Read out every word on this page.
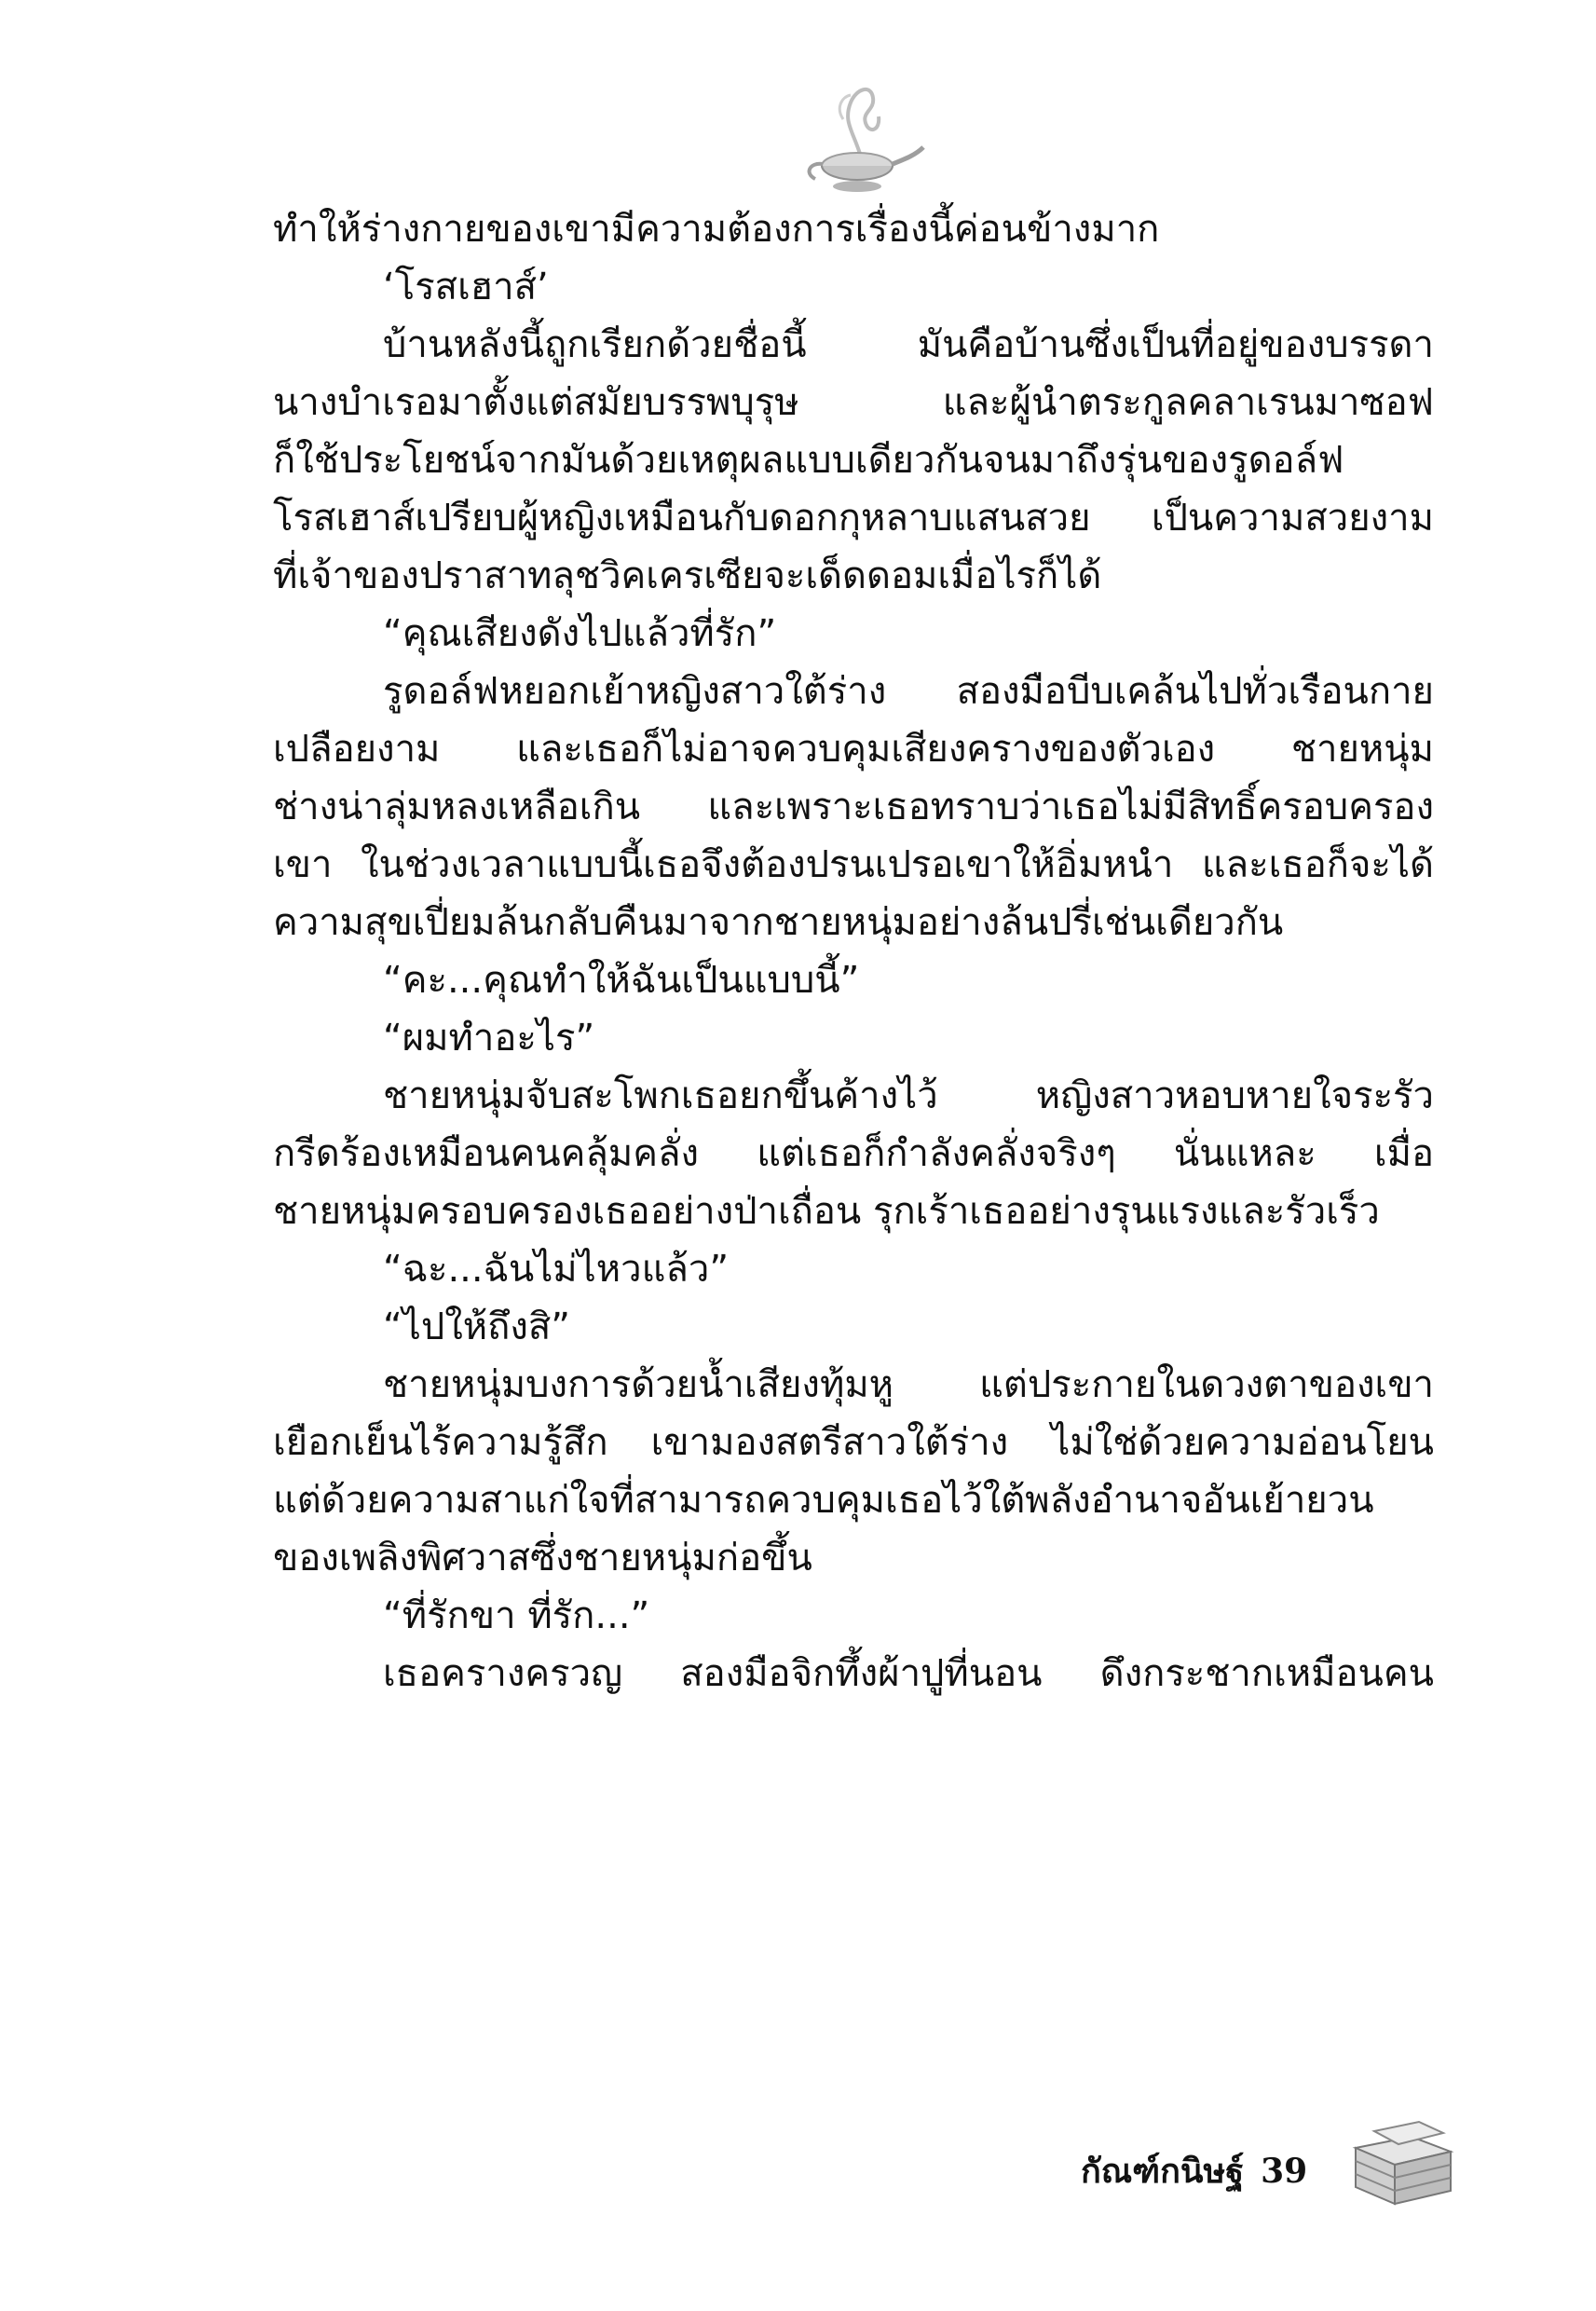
ทำให้ร่างกายของเขามีความต้องการเรื่องนี้ค่อนข้างมาก
‘โรสเฮาส์’
บ้านหลังนี้ถูกเรียกด้วยชื่อนี้ มันคือบ้านซึ่งเป็นที่อยู่ของบรรดา
นางบำเรอมาตั้งแต่สมัยบรรพบุรุษ และผู้นำตระกูลคลาเรนมาซอฟ
ก็ใช้ประโยชน์จากมันด้วยเหตุผลแบบเดียวกันจนมาถึงรุ่นของรูดอล์ฟ
โรสเฮาส์เปรียบผู้หญิงเหมือนกับดอกกุหลาบแสนสวย เป็นความสวยงาม
ที่เจ้าของปราสาทลุชวิคเครเซียจะเด็ดดอมเมื่อไรก็ได้
“คุณเสียงดังไปแล้วที่รัก”
รูดอล์ฟหยอกเย้าหญิงสาวใต้ร่าง สองมือบีบเคล้นไปทั่วเรือนกาย
เปลือยงาม และเธอก็ไม่อาจควบคุมเสียงครางของตัวเอง ชายหนุ่ม
ช่างน่าลุ่มหลงเหลือเกิน และเพราะเธอทราบว่าเธอไม่มีสิทธิ์ครอบครอง
เขา ในช่วงเวลาแบบนี้เธอจึงต้องปรนเปรอเขาให้อิ่มหนำ และเธอก็จะได้
ความสุขเปี่ยมล้นกลับคืนมาจากชายหนุ่มอย่างล้นปรี่เช่นเดียวกัน
“คะ...คุณทำให้ฉันเป็นแบบนี้”
“ผมทำอะไร”
ชายหนุ่มจับสะโพกเธอยกขึ้นค้างไว้ หญิงสาวหอบหายใจระรัว
กรีดร้องเหมือนคนคลุ้มคลั่ง แต่เธอก็กำลังคลั่งจริงๆ นั่นแหละ เมื่อ
ชายหนุ่มครอบครองเธออย่างป่าเถื่อน รุกเร้าเธออย่างรุนแรงและรัวเร็ว
“ฉะ...ฉันไม่ไหวแล้ว”
“ไปให้ถึงสิ”
ชายหนุ่มบงการด้วยน้ำเสียงทุ้มหู แต่ประกายในดวงตาของเขา
เยือกเย็นไร้ความรู้สึก เขามองสตรีสาวใต้ร่าง ไม่ใช่ด้วยความอ่อนโยน
แต่ด้วยความสาแก่ใจที่สามารถควบคุมเธอไว้ใต้พลังอำนาจอันเย้ายวน
ของเพลิงพิศวาสซึ่งชายหนุ่มก่อขึ้น
“ที่รักขา ที่รัก...”
เธอครางครวญ สองมือจิกทึ้งผ้าปูที่นอน ดึงกระชากเหมือนคน
กัณฑ์กนิษฐ์ 39
